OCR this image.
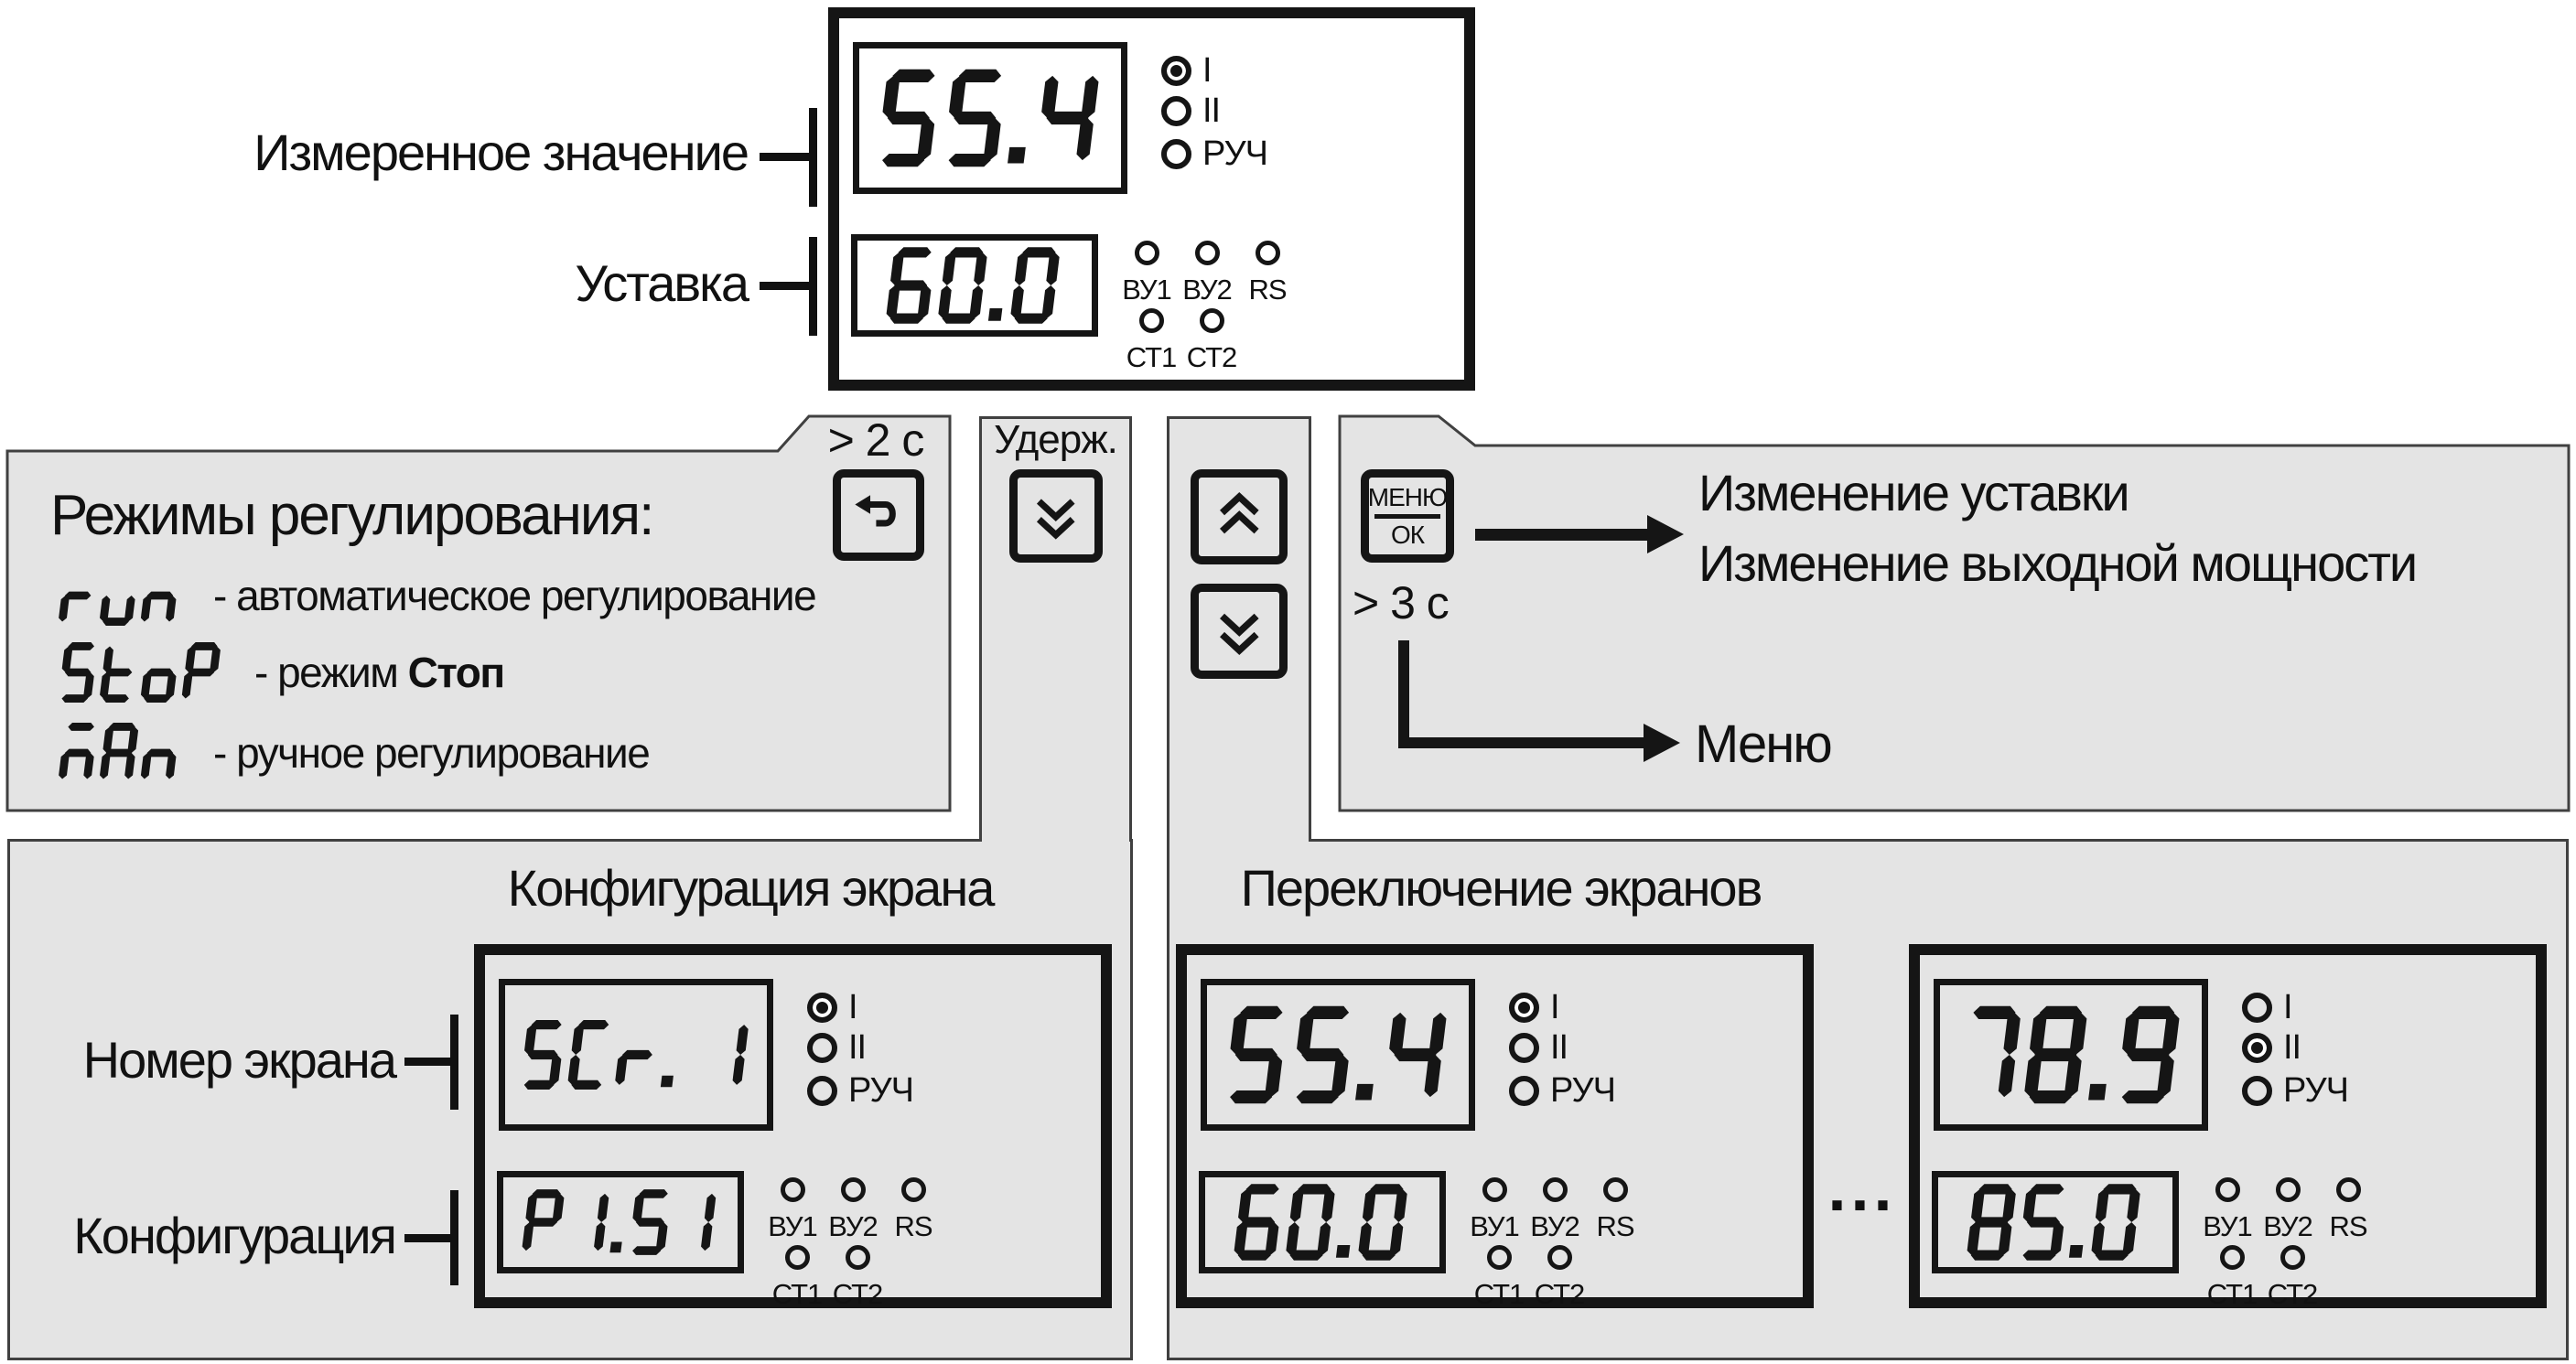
I
II
РУЧ
ВУ1 ВУ2 RS
СТ1 СТ2
Измеренное значение
Уставка
Режимы регулирования:
- автоматическое регулирование
- режим Стоп
- ручное регулирование
> 2 с Удерж.
МЕНЮ
ОК
> 3 с
Изменение уставки
Изменение выходной мощности
Меню
Конфигурация экрана
Номер экрана
Конфигурация
I
II
РУЧ
ВУ1 ВУ2 RS
СТ1 СТ2
Переключение экранов
I
II
РУЧ
ВУ1 ВУ2 RS
СТ1 СТ2
...
I
II
РУЧ
ВУ1 ВУ2 RS
СТ1 СТ2
